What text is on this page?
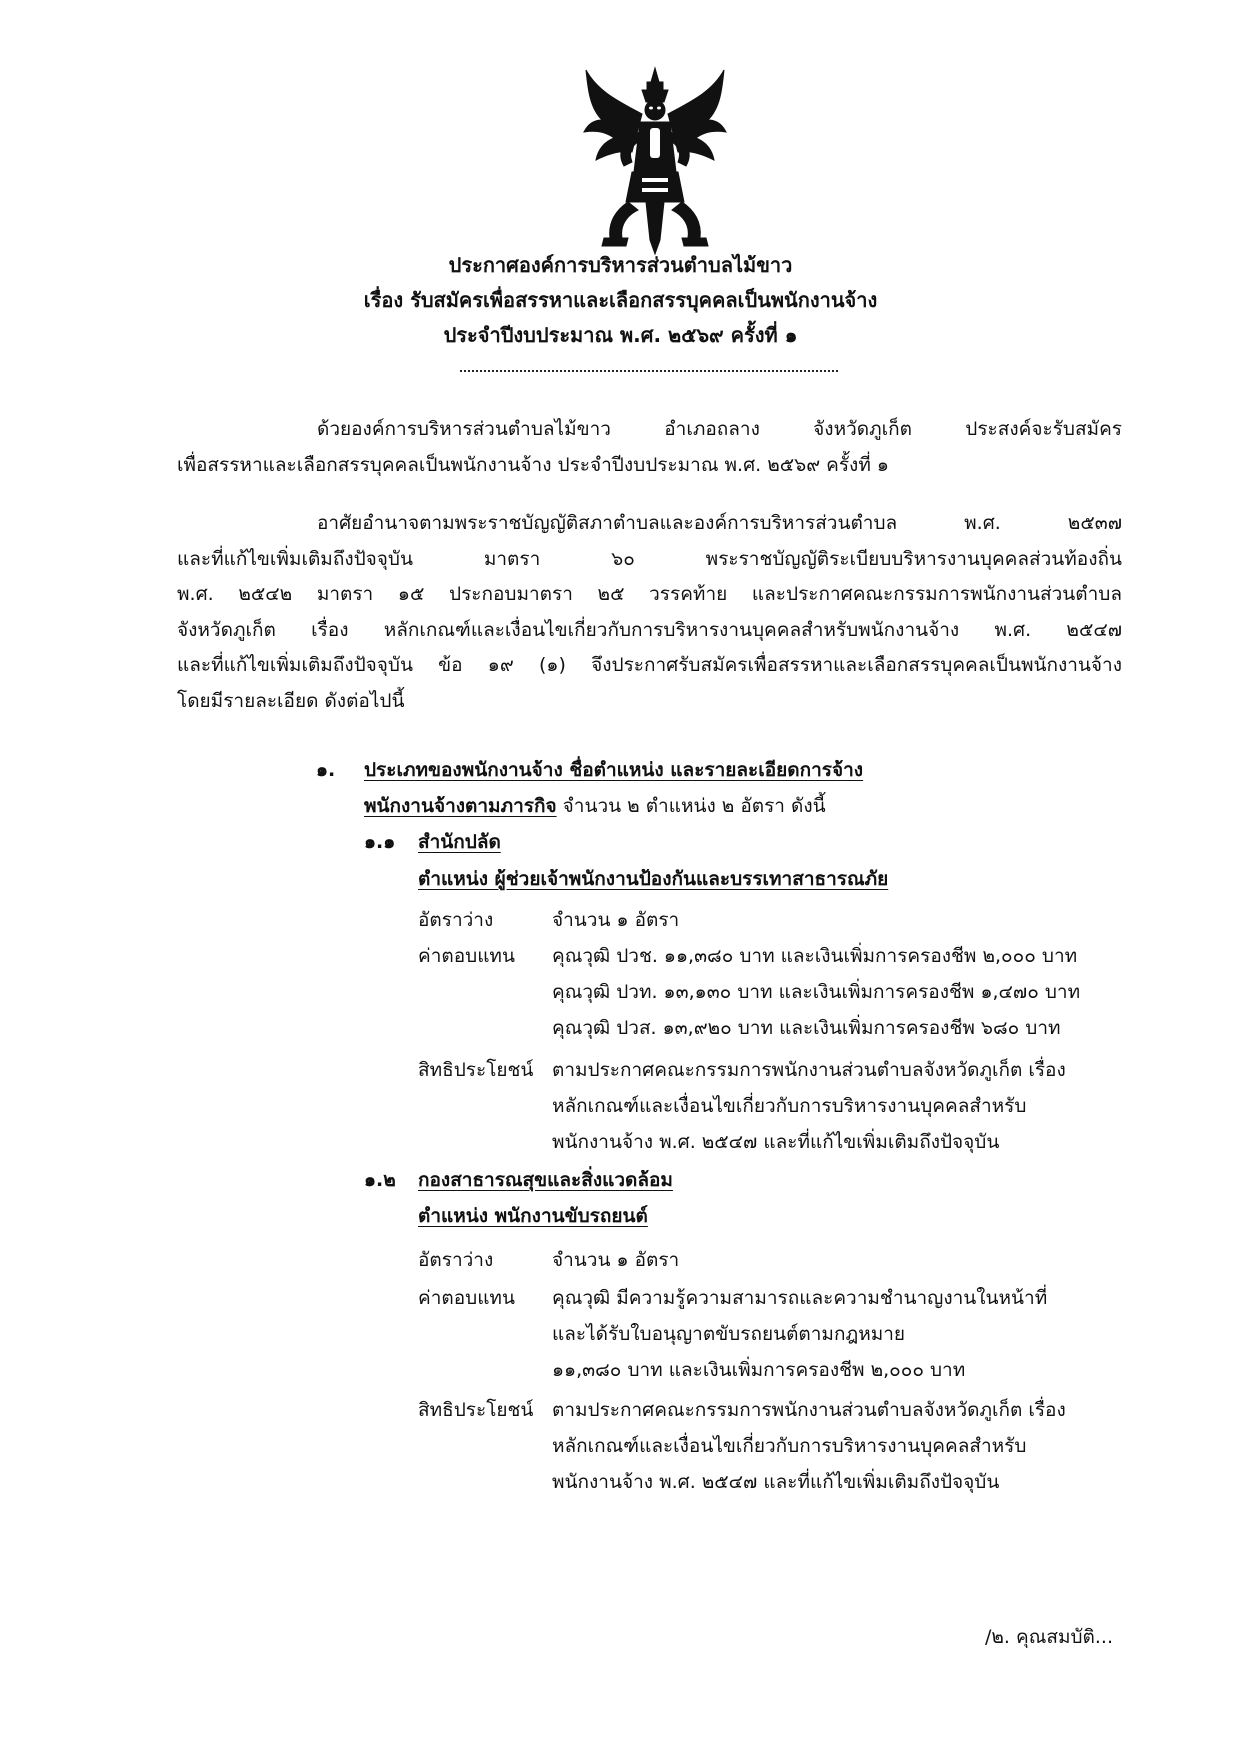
ประกาศองค์การบริหารส่วนตำบลไม้ขาว
เรื่อง รับสมัครเพื่อสรรหาและเลือกสรรบุคคลเป็นพนักงานจ้าง
ประจำปีงบประมาณ พ.ศ. ๒๕๖๙ ครั้งที่ ๑
ด้วยองค์การบริหารส่วนตำบลไม้ขาว อำเภอถลาง จังหวัดภูเก็ต ประสงค์จะรับสมัคร
เพื่อสรรหาและเลือกสรรบุคคลเป็นพนักงานจ้าง ประจำปีงบประมาณ พ.ศ. ๒๕๖๙ ครั้งที่ ๑
อาศัยอำนาจตามพระราชบัญญัติสภาตำบลและองค์การบริหารส่วนตำบล พ.ศ. ๒๕๓๗
และที่แก้ไขเพิ่มเติมถึงปัจจุบัน มาตรา ๖๐ พระราชบัญญัติระเบียบบริหารงานบุคคลส่วนท้องถิ่น
พ.ศ. ๒๕๔๒ มาตรา ๑๕ ประกอบมาตรา ๒๕ วรรคท้าย และประกาศคณะกรรมการพนักงานส่วนตำบล
จังหวัดภูเก็ต เรื่อง หลักเกณฑ์และเงื่อนไขเกี่ยวกับการบริหารงานบุคคลสำหรับพนักงานจ้าง พ.ศ. ๒๕๔๗
และที่แก้ไขเพิ่มเติมถึงปัจจุบัน ข้อ ๑๙ (๑) จึงประกาศรับสมัครเพื่อสรรหาและเลือกสรรบุคคลเป็นพนักงานจ้าง
โดยมีรายละเอียด ดังต่อไปนี้
๑. ประเภทของพนักงานจ้าง ชื่อตำแหน่ง และรายละเอียดการจ้าง
พนักงานจ้างตามภารกิจ จำนวน ๒ ตำแหน่ง ๒ อัตรา ดังนี้
๑.๑ สำนักปลัด
ตำแหน่ง ผู้ช่วยเจ้าพนักงานป้องกันและบรรเทาสาธารณภัย
อัตราว่าง	จำนวน ๑ อัตรา
ค่าตอบแทน คุณวุฒิ ปวช. ๑๑,๓๘๐ บาท และเงินเพิ่มการครองชีพ ๒,๐๐๐ บาท
คุณวุฒิ ปวท. ๑๓,๑๓๐ บาท และเงินเพิ่มการครองชีพ ๑,๔๗๐ บาท
คุณวุฒิ ปวส. ๑๓,๙๒๐ บาท และเงินเพิ่มการครองชีพ ๖๘๐ บาท
สิทธิประโยชน์ ตามประกาศคณะกรรมการพนักงานส่วนตำบลจังหวัดภูเก็ต เรื่อง
หลักเกณฑ์และเงื่อนไขเกี่ยวกับการบริหารงานบุคคลสำหรับ
พนักงานจ้าง พ.ศ. ๒๕๔๗ และที่แก้ไขเพิ่มเติมถึงปัจจุบัน
๑.๒ กองสาธารณสุขและสิ่งแวดล้อม
ตำแหน่ง พนักงานขับรถยนต์
อัตราว่าง	จำนวน ๑ อัตรา
ค่าตอบแทน คุณวุฒิ มีความรู้ความสามารถและความชำนาญงานในหน้าที่
และได้รับใบอนุญาตขับรถยนต์ตามกฎหมาย
๑๑,๓๘๐ บาท และเงินเพิ่มการครองชีพ ๒,๐๐๐ บาท
สิทธิประโยชน์ ตามประกาศคณะกรรมการพนักงานส่วนตำบลจังหวัดภูเก็ต เรื่อง
หลักเกณฑ์และเงื่อนไขเกี่ยวกับการบริหารงานบุคคลสำหรับ
พนักงานจ้าง พ.ศ. ๒๕๔๗ และที่แก้ไขเพิ่มเติมถึงปัจจุบัน
/๒. คุณสมบัติ...
